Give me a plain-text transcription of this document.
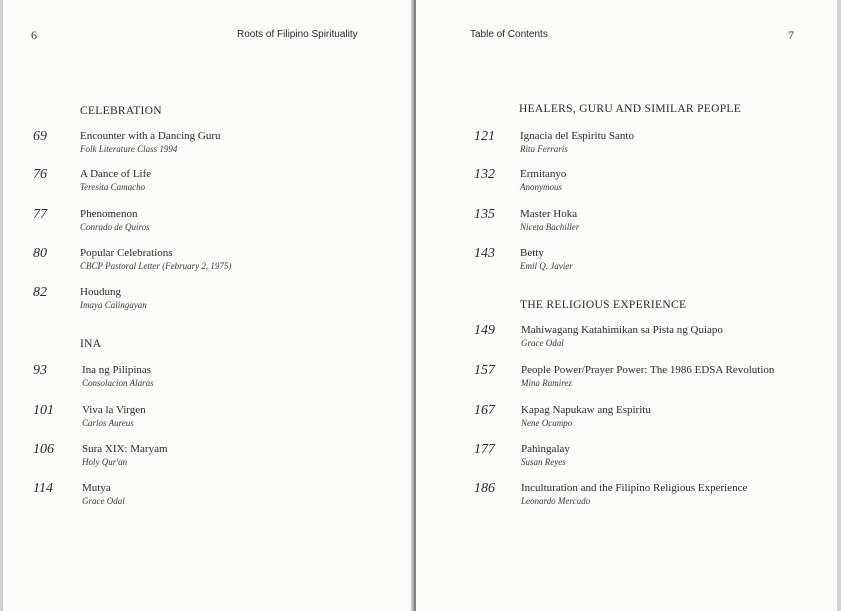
6	Roots of Filipino Spirituality
CELEBRATION
69	Encounter with a Dancing Guru
Folk Literature Class 1994
76	A Dance of Life
Teresita Camacho
77	Phenomenon
Conrado de Quiros
80	Popular Celebrations
CBCP Pastoral Letter (February 2, 1975)
82	Houdung
Imaya Calingayan
INA
93	Ina ng Pilipinas
Consolacion Alaras
101	Viva la Virgen
Carlos Aureus
106	Sura XIX: Maryam
Holy Qur'an
114	Mutya
Grace Odal
Table of Contents	7
HEALERS, GURU AND SIMILAR PEOPLE
121 Ignacia del Espiritu Santo
Rita Ferraris
132 Ermitanyo
Anonymous
135 Master Hoka
Niceta Bachiller
143 Betty
Emil Q. Javier
THE RELIGIOUS EXPERIENCE
149 Mahiwagang Katahimikan sa Pista ng Quiapo
Grace Odal
157 People Power/Prayer Power: The 1986 EDSA Revolution
Mina Ramirez
167 Kapag Napukaw ang Espiritu
Nene Ocampo
177 Pahingalay
Susan Reyes
186 Inculturation and the Filipino Religious Experience
Leonardo Mercado
